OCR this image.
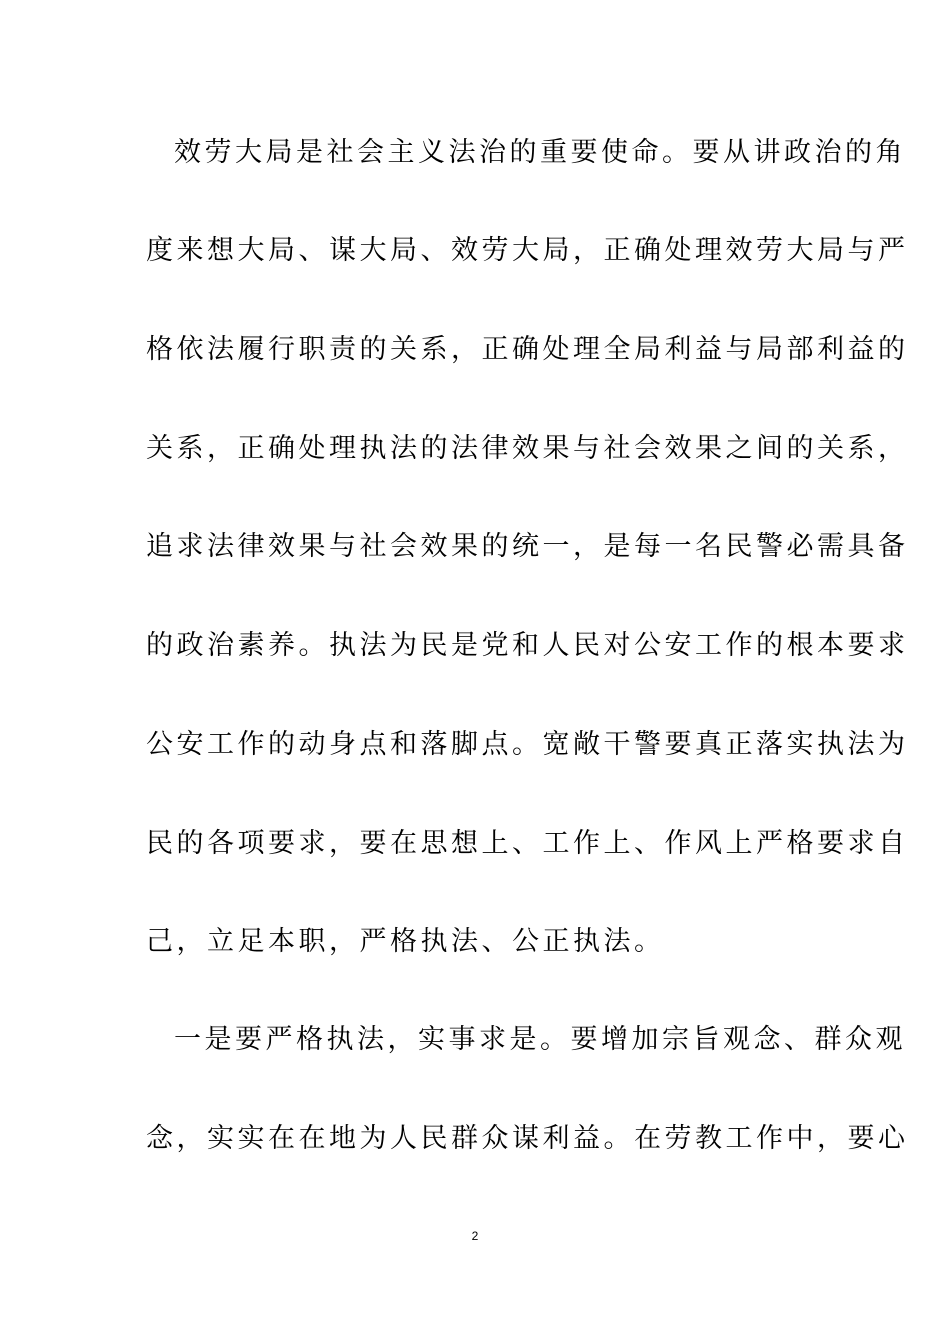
效劳大局是社会主义法治的重要使命。要从讲政治的角
度来想大局、谋大局、效劳大局，正确处理效劳大局与严
格依法履行职责的关系，正确处理全局利益与局部利益的
关系，正确处理执法的法律效果与社会效果之间的关系，
追求法律效果与社会效果的统一，是每一名民警必需具备
的政治素养。执法为民是党和人民对公安工作的根本要求
公安工作的动身点和落脚点。宽敞干警要真正落实执法为
民的各项要求，要在思想上、工作上、作风上严格要求自
己，立足本职，严格执法、公正执法。
一是要严格执法，实事求是。要增加宗旨观念、群众观
念，实实在在地为人民群众谋利益。在劳教工作中，要心
2
